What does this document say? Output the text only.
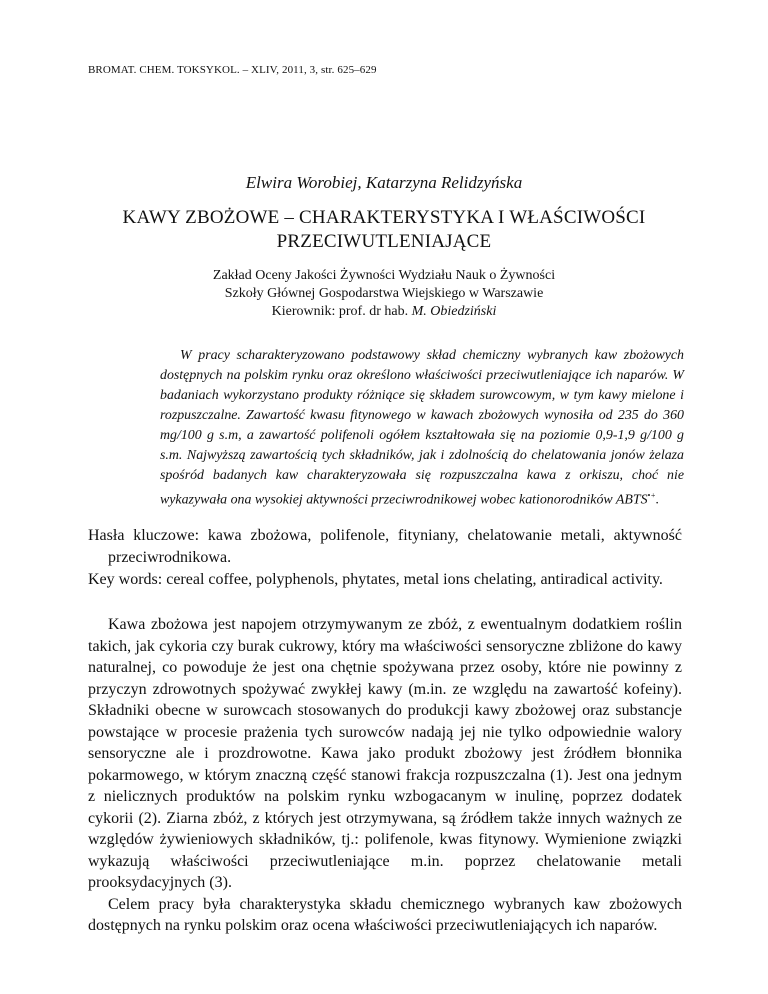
BROMAT. CHEM. TOKSYKOL. – XLIV, 2011, 3, str. 625–629
Elwira Worobiej, Katarzyna Relidzyńska
KAWY ZBOŻOWE – CHARAKTERYSTYKA I WŁAŚCIWOŚCI PRZECIWUTLENIAJĄCE
Zakład Oceny Jakości Żywności Wydziału Nauk o Żywności
Szkoły Głównej Gospodarstwa Wiejskiego w Warszawie
Kierownik: prof. dr hab. M. Obiedziński

W pracy scharakteryzowano podstawowy skład chemiczny wybranych kaw zbożowych dostępnych na polskim rynku oraz określono właściwości przeciwutleniające ich naparów. W badaniach wykorzystano produkty różniące się składem surowcowym, w tym kawy mielone i rozpuszczalne. Zawartość kwasu fitynowego w kawach zbożowych wynosiła od 235 do 360 mg/100 g s.m, a zawartość polifenoli ogółem kształtowała się na poziomie 0,9-1,9 g/100 g s.m. Najwyższą zawartością tych składników, jak i zdolnością do chelatowania jonów żelaza spośród badanych kaw charakteryzowała się rozpuszczalna kawa z orkiszu, choć nie wykazywała ona wysokiej aktywności przeciwrodnikowej wobec kationorodników ABTS•+.

Hasła kluczowe: kawa zbożowa, polifenole, fityniany, chelatowanie metali, aktywność przeciwrodnikowa.

Key words: cereal coffee, polyphenols, phytates, metal ions chelating, antiradical activity.

Kawa zbożowa jest napojem otrzymywanym ze zbóż, z ewentualnym dodatkiem roślin takich, jak cykoria czy burak cukrowy, który ma właściwości sensoryczne zbliżone do kawy naturalnej, co powoduje że jest ona chętnie spożywana przez osoby, które nie powinny z przyczyn zdrowotnych spożywać zwykłej kawy (m.in. ze względu na zawartość kofeiny). Składniki obecne w surowcach stosowanych do produkcji kawy zbożowej oraz substancje powstające w procesie prażenia tych surowców nadają jej nie tylko odpowiednie walory sensoryczne ale i prozdrowotne. Kawa jako produkt zbożowy jest źródłem błonnika pokarmowego, w którym znaczną część stanowi frakcja rozpuszczalna (1). Jest ona jednym z nielicznych produktów na polskim rynku wzbogacanym w inulinę, poprzez dodatek cykorii (2). Ziarna zbóż, z których jest otrzymywana, są źródłem także innych ważnych ze względów żywieniowych składników, tj.: polifenole, kwas fitynowy. Wymienione związki wykazują właściwości przeciwutleniające m.in. poprzez chelatowanie metali prooksydacyjnych (3).

Celem pracy była charakterystyka składu chemicznego wybranych kaw zbożowych dostępnych na rynku polskim oraz ocena właściwości przeciwutleniających ich naparów.
